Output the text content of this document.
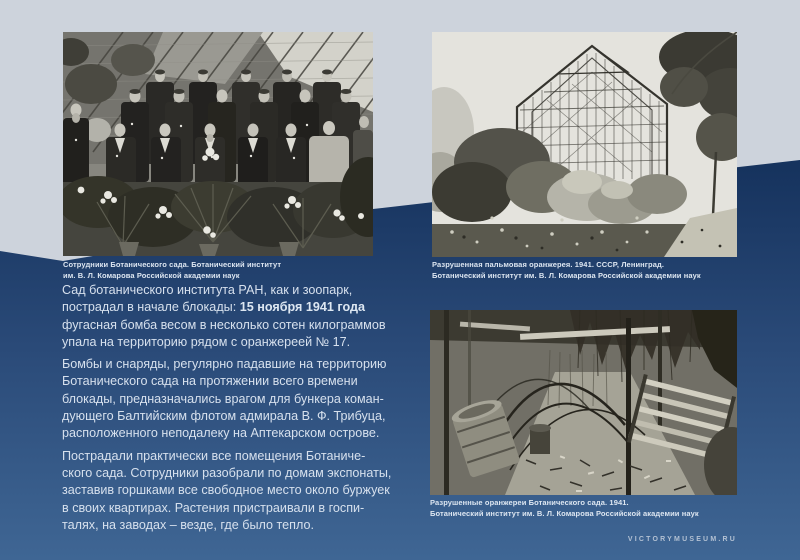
Сотрудники Ботанического сада. Ботанический институт
им. В. Л. Комарова Российской академии наук
Разрушенная пальмовая оранжерея. 1941. СССР, Ленинград.
Ботанический институт им. В. Л. Комарова Российской академии наук
Разрушенные оранжереи Ботанического сада. 1941.
Ботанический институт им. В. Л. Комарова Российской академии наук

Сад ботанического института РАН, как и зоопарк,
пострадал в начале блокады: 15 ноября 1941 года
фугасная бомба весом в несколько сотен килограммов
упала на территорию рядом с оранжереей № 17.

Бомбы и снаряды, регулярно падавшие на территорию
Ботанического сада на протяжении всего времени
блокады, предназначались врагом для бункера коман-
дующего Балтийским флотом адмирала В. Ф. Трибуца,
расположенного неподалеку на Аптекарском острове.

Пострадали практически все помещения Ботаниче-
ского сада. Сотрудники разобрали по домам экспонаты,
заставив горшками все свободное место около буржуек
в своих квартирах. Растения пристраивали в госпи-
талях, на заводах – везде, где было тепло.

VICTORYMUSEUM.RU
